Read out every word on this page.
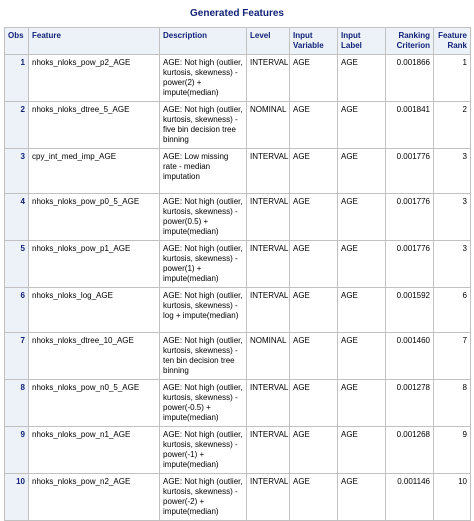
Generated Features
Obs	Feature	Description	Level	Input Variable	Input Label	Ranking Criterion	Feature Rank
1	nhoks_nloks_pow_p2_AGE	AGE: Not high (outlier, kurtosis, skewness) - power(2) + impute(median)	INTERVAL	AGE	AGE	0.001866	1
2	nhoks_nloks_dtree_5_AGE	AGE: Not high (outlier, kurtosis, skewness) - five bin decision tree binning	NOMINAL	AGE	AGE	0.001841	2
3	cpy_int_med_imp_AGE	AGE: Low missing rate - median imputation	INTERVAL	AGE	AGE	0.001776	3
4	nhoks_nloks_pow_p0_5_AGE	AGE: Not high (outlier, kurtosis, skewness) - power(0.5) + impute(median)	INTERVAL	AGE	AGE	0.001776	3
5	nhoks_nloks_pow_p1_AGE	AGE: Not high (outlier, kurtosis, skewness) - power(1) + impute(median)	INTERVAL	AGE	AGE	0.001776	3
6	nhoks_nloks_log_AGE	AGE: Not high (outlier, kurtosis, skewness) - log + impute(median)	INTERVAL	AGE	AGE	0.001592	6
7	nhoks_nloks_dtree_10_AGE	AGE: Not high (outlier, kurtosis, skewness) - ten bin decision tree binning	NOMINAL	AGE	AGE	0.001460	7
8	nhoks_nloks_pow_n0_5_AGE	AGE: Not high (outlier, kurtosis, skewness) - power(-0.5) + impute(median)	INTERVAL	AGE	AGE	0.001278	8
9	nhoks_nloks_pow_n1_AGE	AGE: Not high (outlier, kurtosis, skewness) - power(-1) + impute(median)	INTERVAL	AGE	AGE	0.001268	9
10	nhoks_nloks_pow_n2_AGE	AGE: Not high (outlier, kurtosis, skewness) - power(-2) + impute(median)	INTERVAL	AGE	AGE	0.001146	10
